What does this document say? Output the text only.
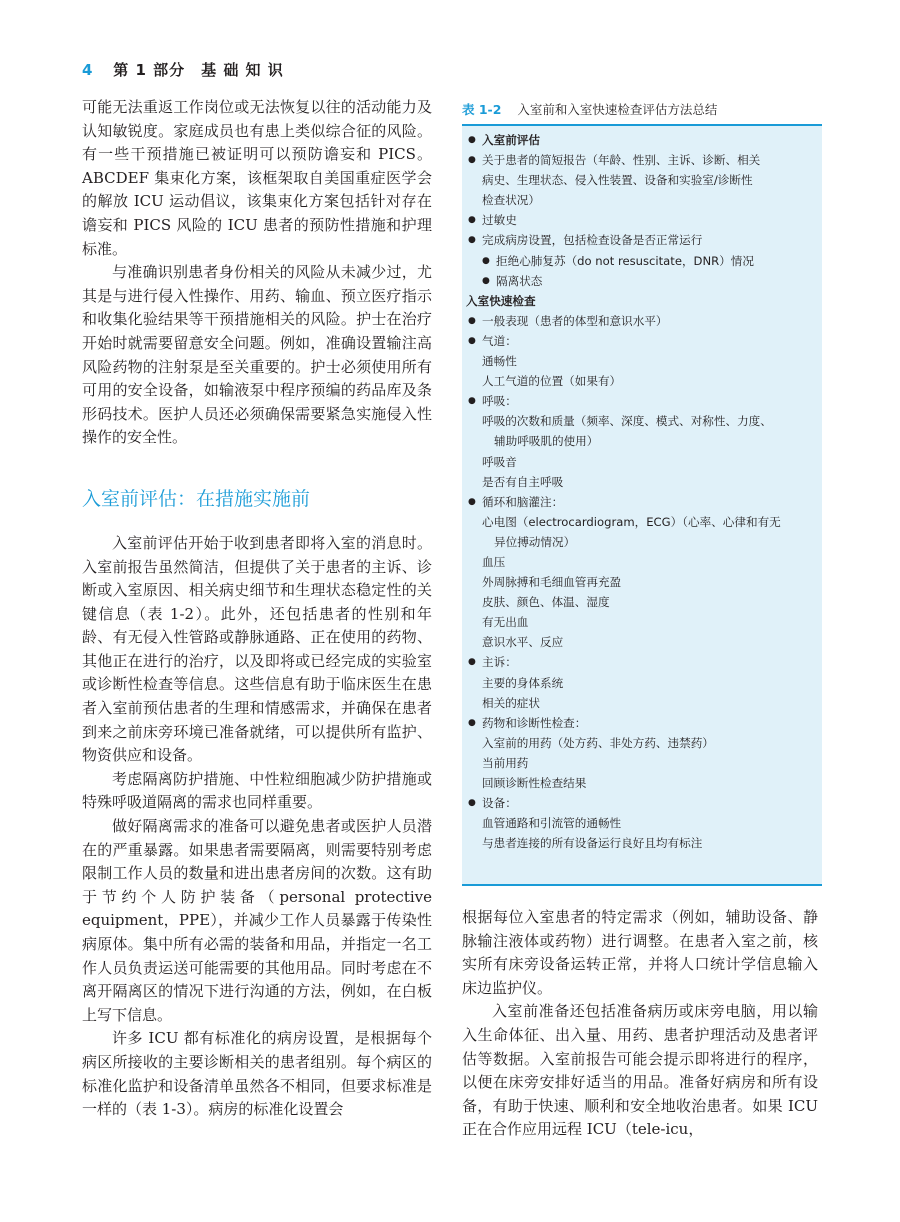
4 第 1 部分　基 础 知 识

可能无法重返工作岗位或无法恢复以往的活动能力及认知敏锐度。家庭成员也有患上类似综合征的风险。有一些干预措施已被证明可以预防谵妄和 PICS。ABCDEF 集束化方案，该框架取自美国重症医学会的解放 ICU 运动倡议，该集束化方案包括针对存在谵妄和 PICS 风险的 ICU 患者的预防性措施和护理标准。

与准确识别患者身份相关的风险从未减少过，尤其是与进行侵入性操作、用药、输血、预立医疗指示和收集化验结果等干预措施相关的风险。护士在治疗开始时就需要留意安全问题。例如，准确设置输注高风险药物的注射泵是至关重要的。护士必须使用所有可用的安全设备，如输液泵中程序预编的药品库及条形码技术。医护人员还必须确保需要紧急实施侵入性操作的安全性。

入室前评估：在措施实施前

入室前评估开始于收到患者即将入室的消息时。入室前报告虽然简洁，但提供了关于患者的主诉、诊断或入室原因、相关病史细节和生理状态稳定性的关键信息（表 1-2）。此外，还包括患者的性别和年龄、有无侵入性管路或静脉通路、正在使用的药物、其他正在进行的治疗，以及即将或已经完成的实验室或诊断性检查等信息。这些信息有助于临床医生在患者入室前预估患者的生理和情感需求，并确保在患者到来之前床旁环境已准备就绪，可以提供所有监护、物资供应和设备。

考虑隔离防护措施、中性粒细胞减少防护措施或特殊呼吸道隔离的需求也同样重要。

做好隔离需求的准备可以避免患者或医护人员潜在的严重暴露。如果患者需要隔离，则需要特别考虑限制工作人员的数量和进出患者房间的次数。这有助于节约个人防护装备（personal protective equipment，PPE），并减少工作人员暴露于传染性病原体。集中所有必需的装备和用品，并指定一名工作人员负责运送可能需要的其他用品。同时考虑在不离开隔离区的情况下进行沟通的方法，例如，在白板上写下信息。

许多 ICU 都有标准化的病房设置，是根据每个病区所接收的主要诊断相关的患者组别。每个病区的标准化监护和设备清单虽然各不相同，但要求标准是一样的（表 1-3）。病房的标准化设置会

表 1-2 入室前和入室快速检查评估方法总结
● 入室前评估
● 关于患者的简短报告（年龄、性别、主诉、诊断、相关
病史、生理状态、侵入性装置、设备和实验室/诊断性
检查状况）
● 过敏史
● 完成病房设置，包括检查设备是否正常运行
● 拒绝心肺复苏（do not resuscitate，DNR）情况
● 隔离状态
入室快速检查
● 一般表现（患者的体型和意识水平）
● 气道：
通畅性
人工气道的位置（如果有）
● 呼吸：
呼吸的次数和质量（频率、深度、模式、对称性、力度、
辅助呼吸肌的使用）
呼吸音
是否有自主呼吸
● 循环和脑灌注：
心电图（electrocardiogram，ECG）（心率、心律和有无
异位搏动情况）
血压
外周脉搏和毛细血管再充盈
皮肤、颜色、体温、湿度
有无出血
意识水平、反应
● 主诉：
主要的身体系统
相关的症状
● 药物和诊断性检查：
入室前的用药（处方药、非处方药、违禁药）
当前用药
回顾诊断性检查结果
● 设备：
血管通路和引流管的通畅性
与患者连接的所有设备运行良好且均有标注

根据每位入室患者的特定需求（例如，辅助设备、静脉输注液体或药物）进行调整。在患者入室之前，核实所有床旁设备运转正常，并将人口统计学信息输入床边监护仪。

入室前准备还包括准备病历或床旁电脑，用以输入生命体征、出入量、用药、患者护理活动及患者评估等数据。入室前报告可能会提示即将进行的程序，以便在床旁安排好适当的用品。准备好病房和所有设备，有助于快速、顺利和安全地收治患者。如果 ICU 正在合作应用远程 ICU（tele-icu，
